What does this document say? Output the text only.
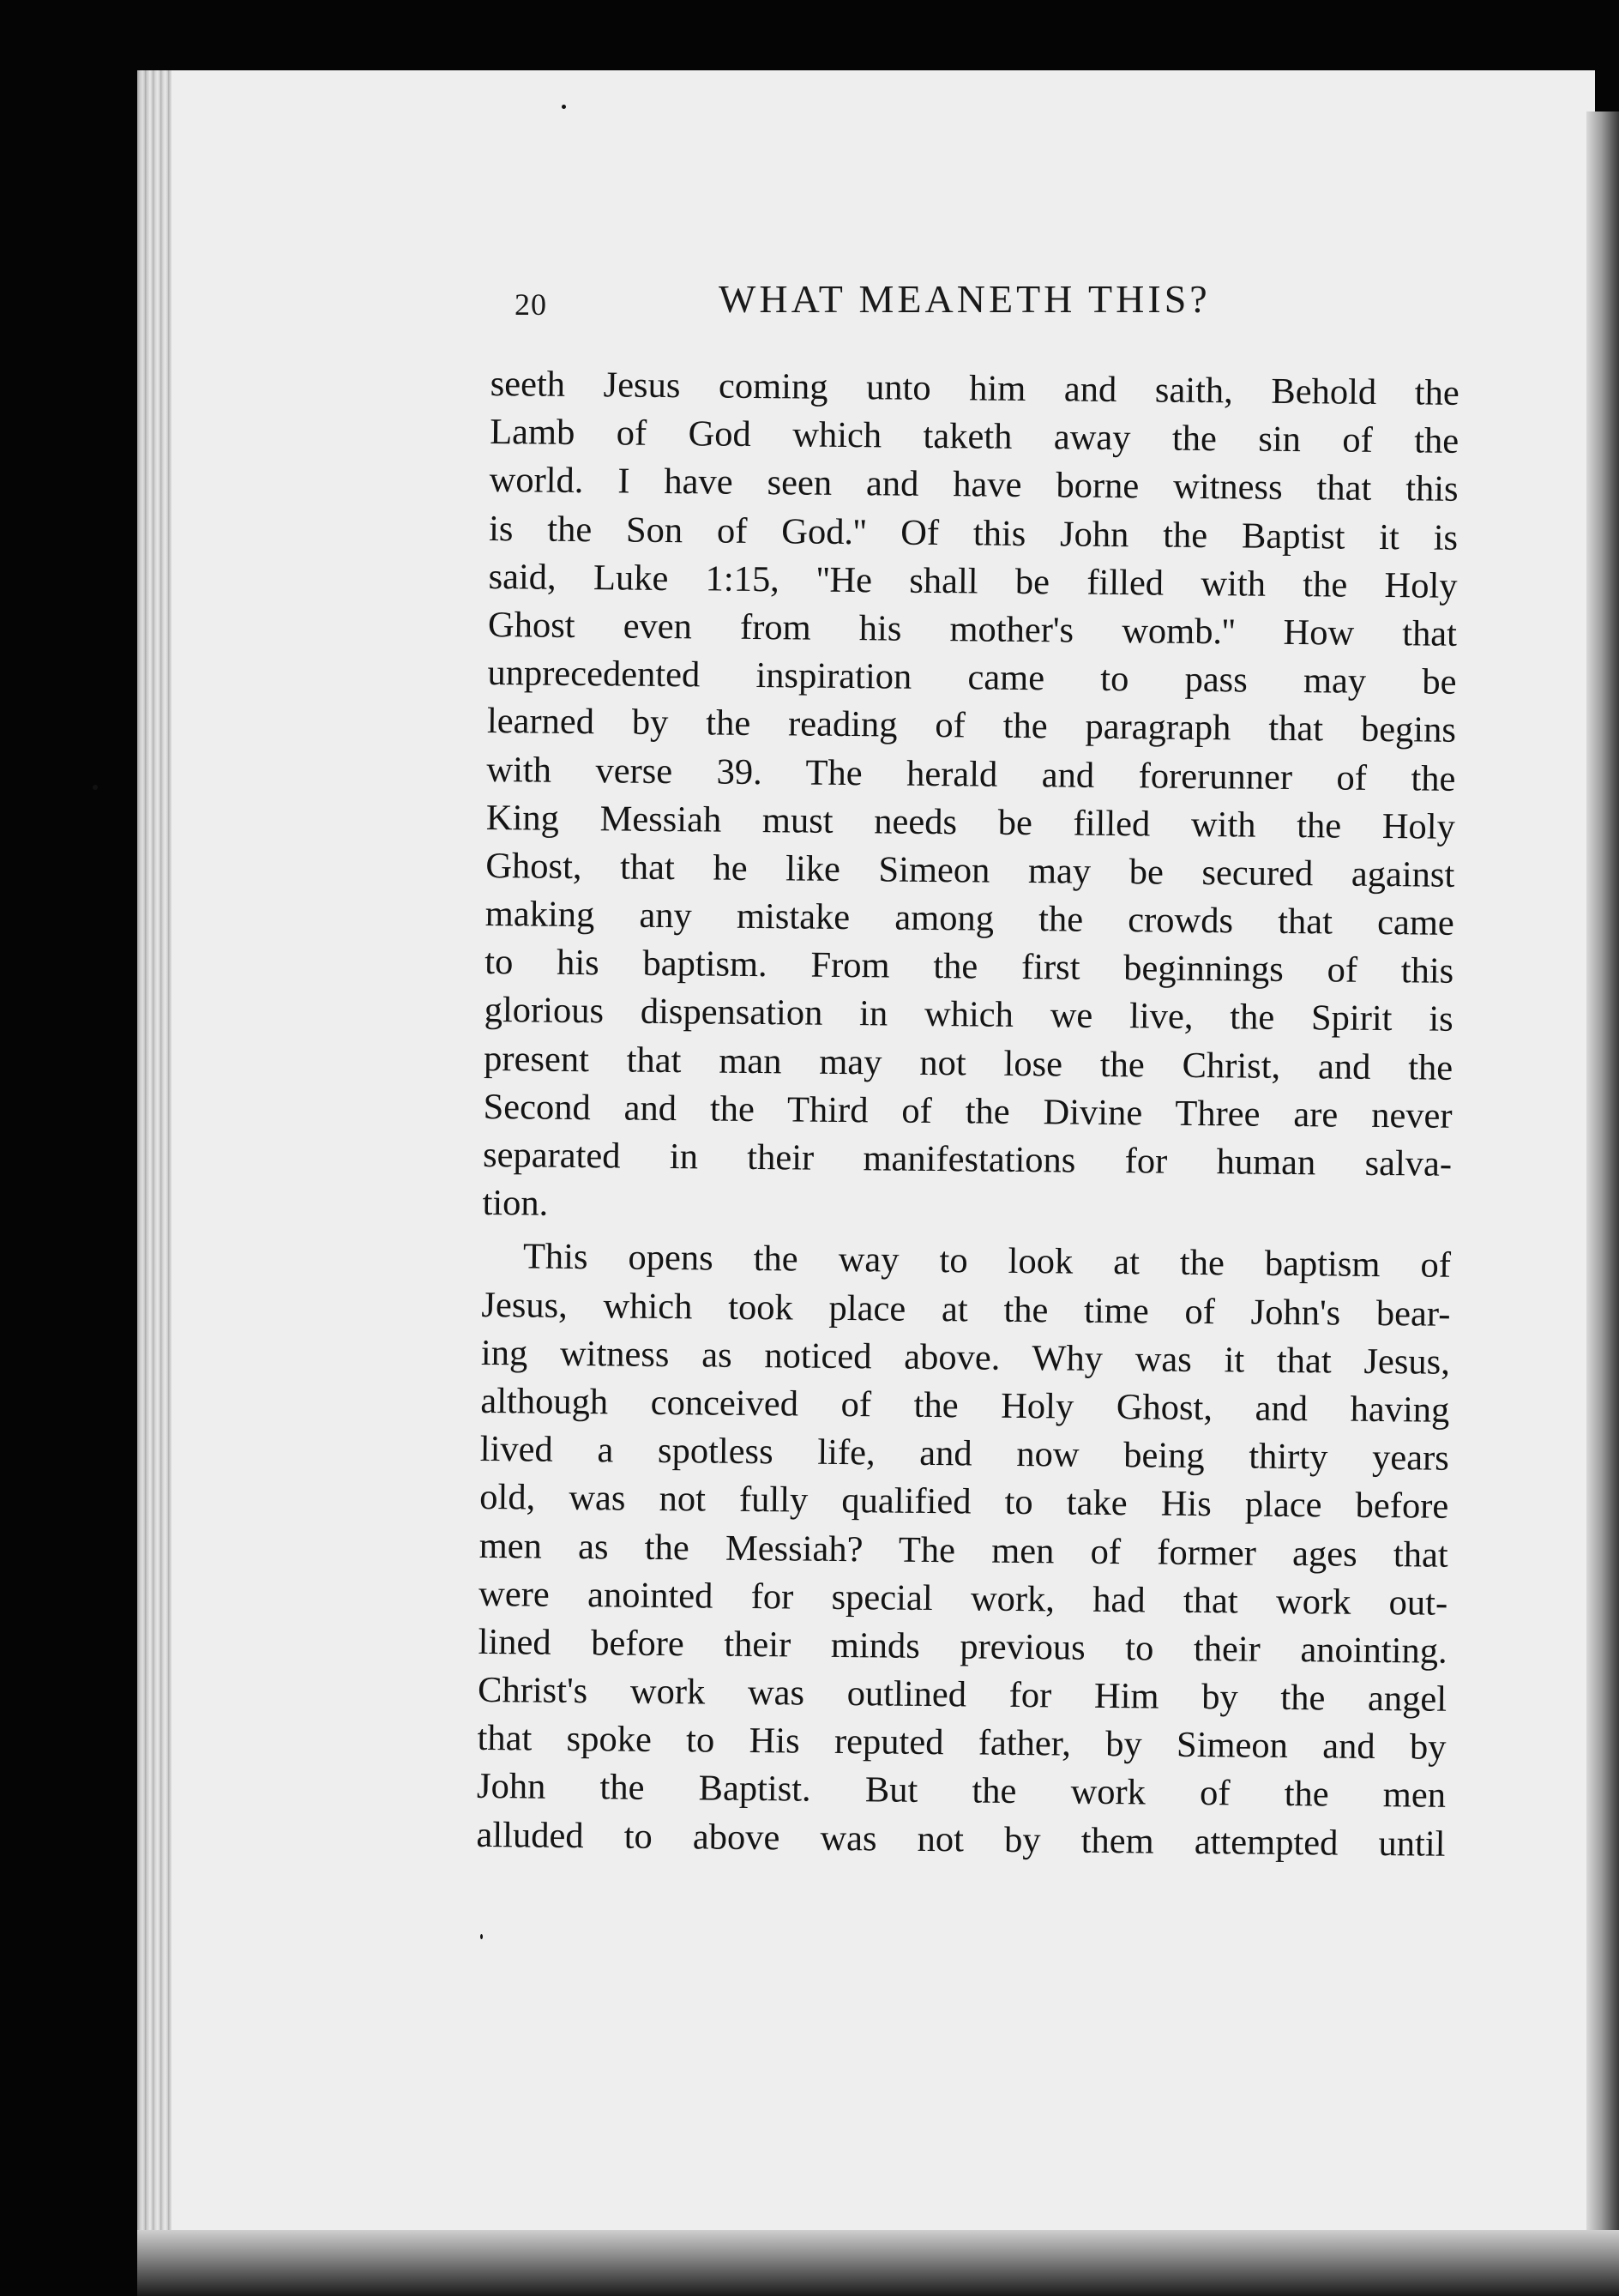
20	WHAT MEANETH THIS?
seeth Jesus coming unto him and saith, Behold the
Lamb of God which taketh away the sin of the
world. I have seen and have borne witness that this
is the Son of God.'' Of this John the Baptist it is
said, Luke 1:15, ''He shall be filled with the Holy
Ghost even from his mother's womb.'' How that
unprecedented inspiration came to pass may be
learned by the reading of the paragraph that begins
with verse 39. The herald and forerunner of the
King Messiah must needs be filled with the Holy
Ghost, that he like Simeon may be secured against
making any mistake among the crowds that came
to his baptism. From the first beginnings of this
glorious dispensation in which we live, the Spirit is
present that man may not lose the Christ, and the
Second and the Third of the Divine Three are never
separated in their manifestations for human salva-
tion.
This opens the way to look at the baptism of
Jesus, which took place at the time of John's bear-
ing witness as noticed above. Why was it that Jesus,
although conceived of the Holy Ghost, and having
lived a spotless life, and now being thirty years
old, was not fully qualified to take His place before
men as the Messiah? The men of former ages that
were anointed for special work, had that work out-
lined before their minds previous to their anointing.
Christ's work was outlined for Him by the angel
that spoke to His reputed father, by Simeon and by
John the Baptist. But the work of the men
alluded to above was not by them attempted until
